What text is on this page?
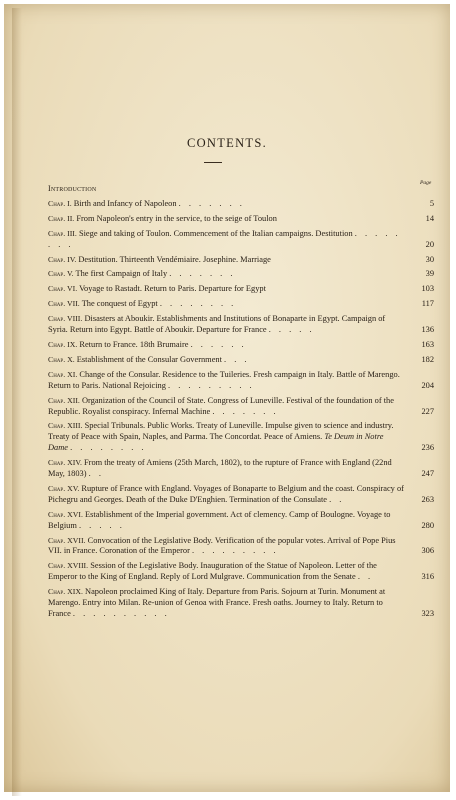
CONTENTS.
Page
Introduction
Chap. I. Birth and Infancy of Napoleon . . . . . . .	5
Chap. II. From Napoleon's entry in the service, to the seige of Toulon	14
Chap. III. Siege and taking of Toulon. Commencement of the Italian campaigns. Destitution . . . . . . . .	20
Chap. IV. Destitution. Thirteenth Vendémiaire. Josephine. Marriage	30
Chap. V. The first Campaign of Italy . . . . . . .	39
Chap. VI. Voyage to Rastadt. Return to Paris. Departure for Egypt	103
Chap. VII. The conquest of Egypt . . . . . . . .	117
Chap. VIII. Disasters at Aboukir. Establishments and Institutions of Bonaparte in Egypt. Campaign of Syria. Return into Egypt. Battle of Aboukir. Departure for France . . . . .	136
Chap. IX. Return to France. 18th Brumaire . . . . . .	163
Chap. X. Establishment of the Consular Government . . .	182
Chap. XI. Change of the Consular. Residence to the Tuileries. Fresh campaign in Italy. Battle of Marengo. Return to Paris. National Rejoicing . . . . . . . . .	204
Chap. XII. Organization of the Council of State. Congress of Luneville. Festival of the foundation of the Republic. Royalist conspiracy. Infernal Machine . . . . . . .	227
Chap. XIII. Special Tribunals. Public Works. Treaty of Luneville. Impulse given to science and industry. Treaty of Peace with Spain, Naples, and Parma. The Concordat. Peace of Amiens. Te Deum in Notre Dame . . . . . . . .	236
Chap. XIV. From the treaty of Amiens (25th March, 1802), to the rupture of France with England (22nd May, 1803) . .	247
Chap. XV. Rupture of France with England. Voyages of Bonaparte to Belgium and the coast. Conspiracy of Pichegru and Georges. Death of the Duke D'Enghien. Termination of the Consulate . .	263
Chap. XVI. Establishment of the Imperial government. Act of clemency. Camp of Boulogne. Voyage to Belgium . . . . .	280
Chap. XVII. Convocation of the Legislative Body. Verification of the popular votes. Arrival of Pope Pius VII. in France. Coronation of the Emperor . . . . . . . . .	306
Chap. XVIII. Session of the Legislative Body. Inauguration of the Statue of Napoleon. Letter of the Emperor to the King of England. Reply of Lord Mulgrave. Communication from the Senate . .	316
Chap. XIX. Napoleon proclaimed King of Italy. Departure from Paris. Sojourn at Turin. Monument at Marengo. Entry into Milan. Re-union of Genoa with France. Fresh oaths. Journey to Italy. Return to France . . . . . . . . . .	323
